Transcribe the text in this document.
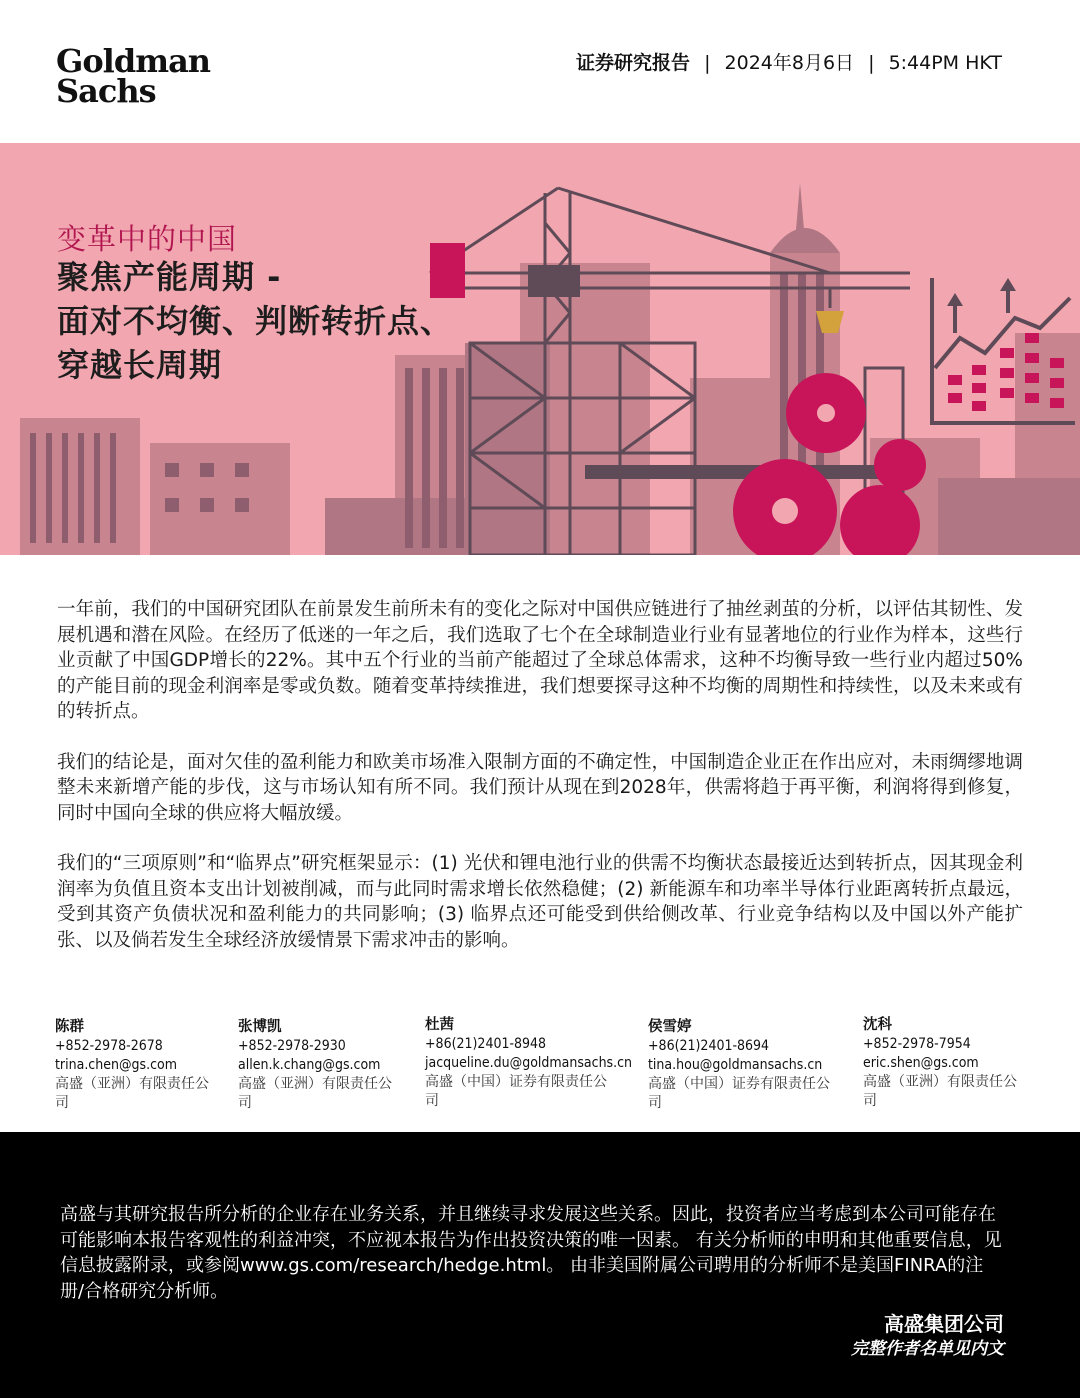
Goldman
Sachs
证券研究报告 | 2024年8月6日 | 5:44PM HKT
变革中的中国
聚焦产能周期 -
面对不均衡、判断转折点、
穿越长周期

一年前，我们的中国研究团队在前景发生前所未有的变化之际对中国供应链进行了抽丝剥茧的分析，以评估其韧性、发展机遇和潜在风险。在经历了低迷的一年之后，我们选取了七个在全球制造业行业有显著地位的行业作为样本，这些行业贡献了中国GDP增长的22%。其中五个行业的当前产能超过了全球总体需求，这种不均衡导致一些行业内超过50%的产能目前的现金利润率是零或负数。随着变革持续推进，我们想要探寻这种不均衡的周期性和持续性，以及未来或有的转折点。

我们的结论是，面对欠佳的盈利能力和欧美市场准入限制方面的不确定性，中国制造企业正在作出应对，未雨绸缪地调整未来新增产能的步伐，这与市场认知有所不同。我们预计从现在到2028年，供需将趋于再平衡，利润将得到修复，同时中国向全球的供应将大幅放缓。

我们的“三项原则”和“临界点”研究框架显示：(1) 光伏和锂电池行业的供需不均衡状态最接近达到转折点，因其现金利润率为负值且资本支出计划被削减，而与此同时需求增长依然稳健；(2) 新能源车和功率半导体行业距离转折点最远，受到其资产负债状况和盈利能力的共同影响；(3) 临界点还可能受到供给侧改革、行业竞争结构以及中国以外产能扩张、以及倘若发生全球经济放缓情景下需求冲击的影响。

陈群
+852-2978-2678
trina.chen@gs.com
高盛（亚洲）有限责任公司
张博凯
+852-2978-2930
allen.k.chang@gs.com
高盛（亚洲）有限责任公司
杜茜
+86(21)2401-8948
jacqueline.du@goldmansachs.cn
高盛（中国）证券有限责任公司
侯雪婷
+86(21)2401-8694
tina.hou@goldmansachs.cn
高盛（中国）证券有限责任公司
沈科
+852-2978-7954
eric.shen@gs.com
高盛（亚洲）有限责任公司
高盛与其研究报告所分析的企业存在业务关系，并且继续寻求发展这些关系。因此，投资者应当考虑到本公司可能存在可能影响本报告客观性的利益冲突，不应视本报告为作出投资决策的唯一因素。 有关分析师的申明和其他重要信息，见信息披露附录，或参阅www.gs.com/research/hedge.html。 由非美国附属公司聘用的分析师不是美国FINRA的注册/合格研究分析师。
高盛集团公司
完整作者名单见内文
